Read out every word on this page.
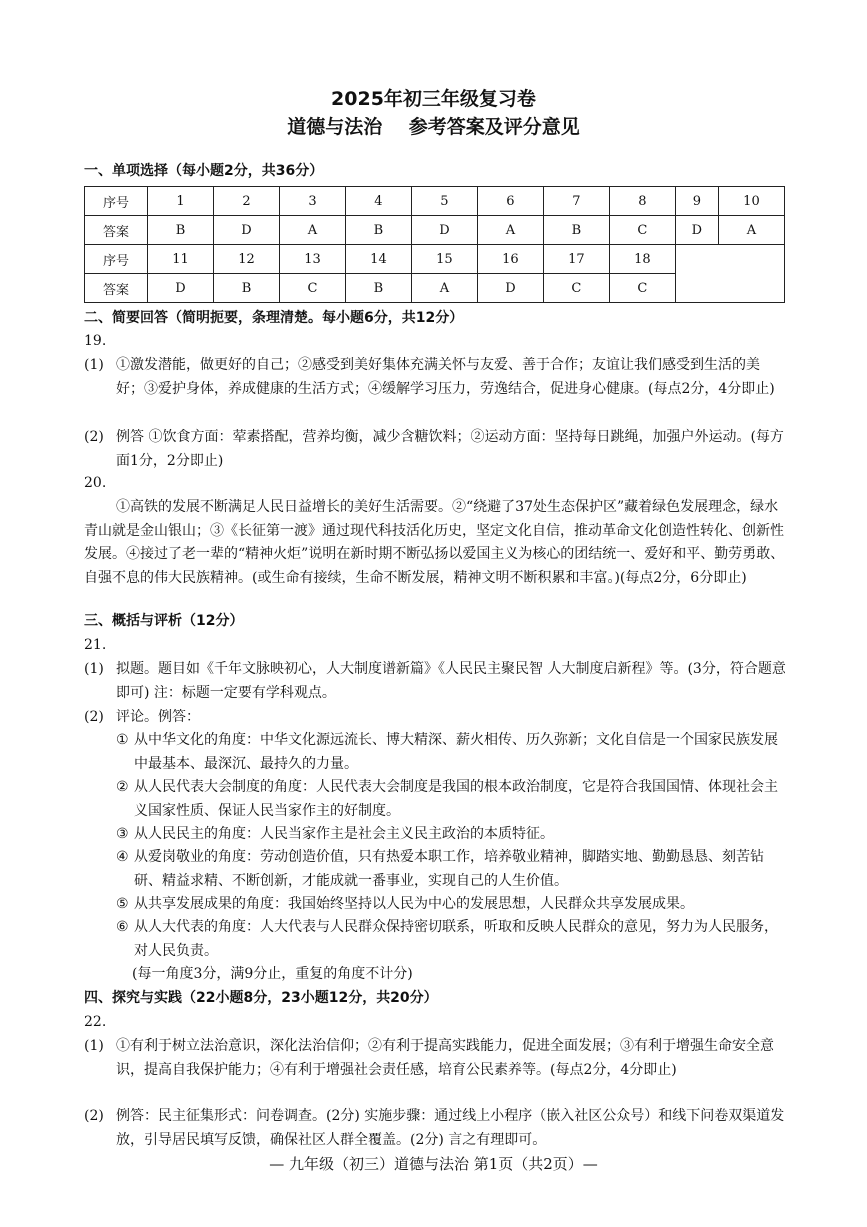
2025年初三年级复习卷
道德与法治    参考答案及评分意见
一、单项选择（每小题2分，共36分）
序号	1	2	3	4	5	6	7	8	9	10
答案	B	D	A	B	D	A	B	C	D	A
序号	11	12	13	14	15	16	17	18		
答案	D	B	C	B	A	D	C	C		
二、简要回答（简明扼要，条理清楚。每小题6分，共12分）
19.
(1) ①激发潜能，做更好的自己；②感受到美好集体充满关怀与友爱、善于合作；友谊让我们感受到生活的美好；③爱护身体，养成健康的生活方式；④缓解学习压力，劳逸结合，促进身心健康。(每点2分，4分即止)
(2) 例答 ①饮食方面：荤素搭配，营养均衡，减少含糖饮料；②运动方面：坚持每日跳绳，加强户外运动。(每方面1分，2分即止)
20.
①高铁的发展不断满足人民日益增长的美好生活需要。②“绕避了37处生态保护区”藏着绿色发展理念，绿水青山就是金山银山；③《长征第一渡》通过现代科技活化历史，坚定文化自信，推动革命文化创造性转化、创新性发展。④接过了老一辈的“精神火炬”说明在新时期不断弘扬以爱国主义为核心的团结统一、爱好和平、勤劳勇敢、自强不息的伟大民族精神。(或生命有接续，生命不断发展，精神文明不断积累和丰富。)(每点2分，6分即止)
三、概括与评析（12分）
21.
(1) 拟题。题目如《千年文脉映初心，人大制度谱新篇》《人民民主聚民智 人大制度启新程》等。(3分，符合题意即可) 注：标题一定要有学科观点。
(2) 评论。例答：
① 从中华文化的角度：中华文化源远流长、博大精深、薪火相传、历久弥新；文化自信是一个国家民族发展中最基本、最深沉、最持久的力量。
② 从人民代表大会制度的角度：人民代表大会制度是我国的根本政治制度，它是符合我国国情、体现社会主义国家性质、保证人民当家作主的好制度。
③ 从人民民主的角度：人民当家作主是社会主义民主政治的本质特征。
④ 从爱岗敬业的角度：劳动创造价值，只有热爱本职工作，培养敬业精神，脚踏实地、勤勤恳恳、刻苦钻研、精益求精、不断创新，才能成就一番事业，实现自己的人生价值。
⑤ 从共享发展成果的角度：我国始终坚持以人民为中心的发展思想，人民群众共享发展成果。
⑥ 从人大代表的角度：人大代表与人民群众保持密切联系，听取和反映人民群众的意见，努力为人民服务，对人民负责。
(每一角度3分，满9分止，重复的角度不计分)
四、探究与实践（22小题8分，23小题12分，共20分）
22.
(1) ①有利于树立法治意识，深化法治信仰；②有利于提高实践能力，促进全面发展；③有利于增强生命安全意识，提高自我保护能力；④有利于增强社会责任感，培育公民素养等。(每点2分，4分即止)
(2) 例答：民主征集形式：问卷调查。(2分) 实施步骤：通过线上小程序（嵌入社区公众号）和线下问卷双渠道发放，引导居民填写反馈，确保社区人群全覆盖。(2分) 言之有理即可。
— 九年级（初三）道德与法治 第1页（共2页）—
